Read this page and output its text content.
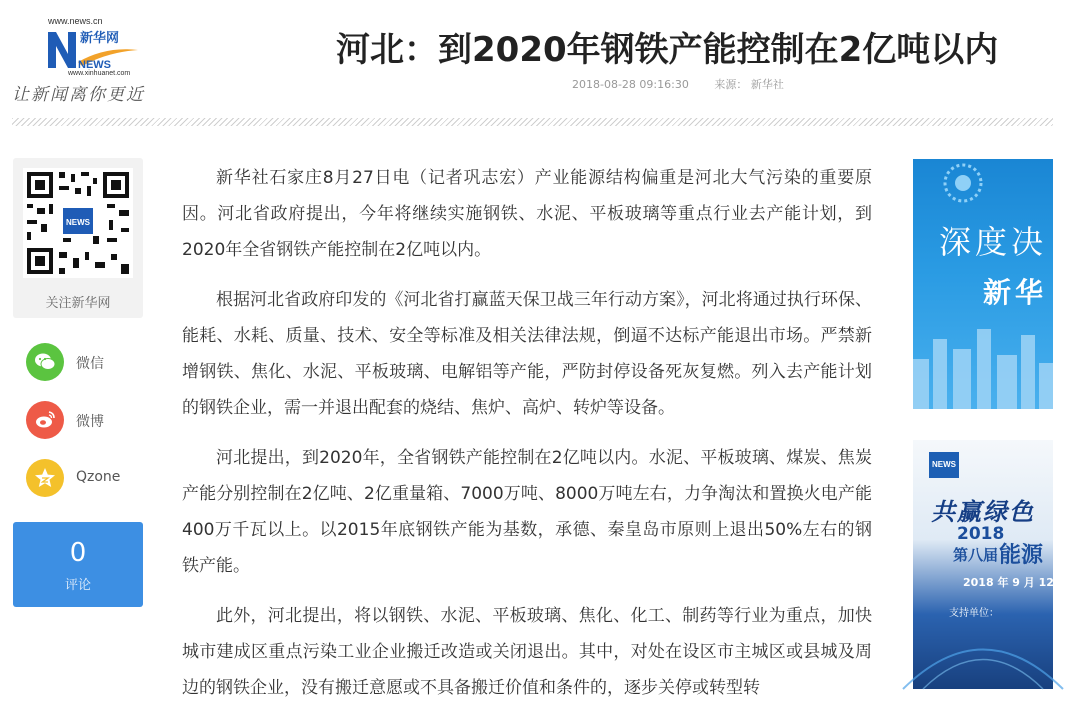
www.news.cn
新华网
NEWS
www.xinhuanet.com
让新闻离你更近
河北：到2020年钢铁产能控制在2亿吨以内
2018-08-28 09:16:30 来源： 新华社
NEWS
关注新华网
微信
微博
Qzone
0
评论

新华社石家庄8月27日电（记者巩志宏）产业能源结构偏重是河北大气污染的重要原因。河北省政府提出，今年将继续实施钢铁、水泥、平板玻璃等重点行业去产能计划，到2020年全省钢铁产能控制在2亿吨以内。

根据河北省政府印发的《河北省打赢蓝天保卫战三年行动方案》，河北将通过执行环保、能耗、水耗、质量、技术、安全等标准及相关法律法规，倒逼不达标产能退出市场。严禁新增钢铁、焦化、水泥、平板玻璃、电解铝等产能，严防封停设备死灰复燃。列入去产能计划的钢铁企业，需一并退出配套的烧结、焦炉、高炉、转炉等设备。

河北提出，到2020年，全省钢铁产能控制在2亿吨以内。水泥、平板玻璃、煤炭、焦炭产能分别控制在2亿吨、2亿重量箱、7000万吨、8000万吨左右，力争淘汰和置换火电产能400万千瓦以上。以2015年底钢铁产能为基数，承德、秦皇岛市原则上退出50%左右的钢铁产能。

此外，河北提出，将以钢铁、水泥、平板玻璃、焦化、化工、制药等行业为重点，加快城市建成区重点污染工业企业搬迁改造或关闭退出。其中，对处在设区市主城区或县城及周边的钢铁企业，没有搬迁意愿或不具备搬迁价值和条件的，逐步关停或转型转

深度决
新华
NEWS
共赢绿色
2018
第八届 能源
2018 年 9 月 12 日
支持单位：
